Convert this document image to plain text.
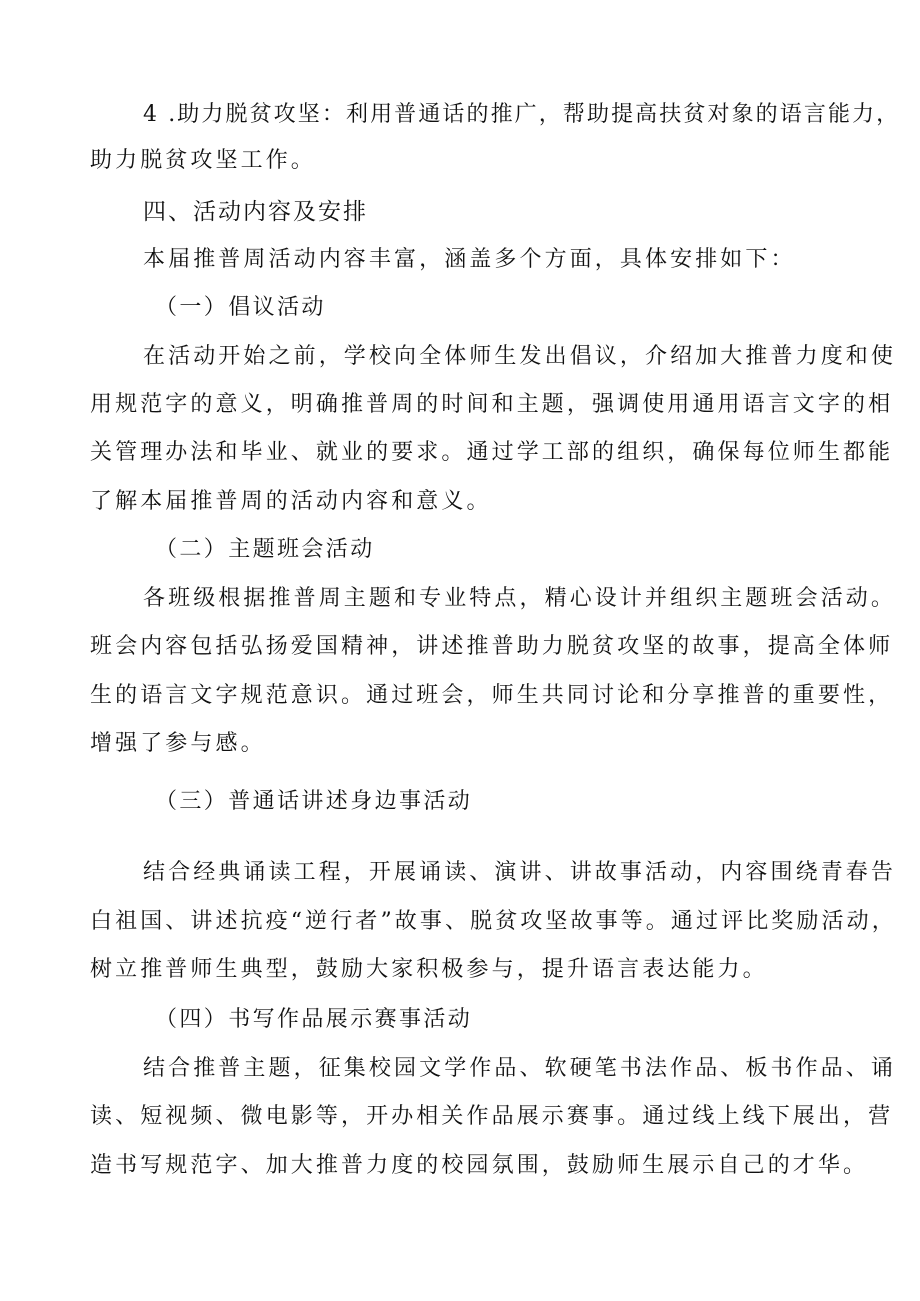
4 .助力脱贫攻坚：利用普通话的推广，帮助提高扶贫对象的语言能力，
助力脱贫攻坚工作。
四、活动内容及安排
本届推普周活动内容丰富，涵盖多个方面，具体安排如下：
（一）倡议活动
在活动开始之前，学校向全体师生发出倡议，介绍加大推普力度和使
用规范字的意义，明确推普周的时间和主题，强调使用通用语言文字的相
关管理办法和毕业、就业的要求。通过学工部的组织，确保每位师生都能
了解本届推普周的活动内容和意义。
（二）主题班会活动
各班级根据推普周主题和专业特点，精心设计并组织主题班会活动。
班会内容包括弘扬爱国精神，讲述推普助力脱贫攻坚的故事，提高全体师
生的语言文字规范意识。通过班会，师生共同讨论和分享推普的重要性，
增强了参与感。
（三）普通话讲述身边事活动
结合经典诵读工程，开展诵读、演讲、讲故事活动，内容围绕青春告
白祖国、讲述抗疫“逆行者”故事、脱贫攻坚故事等。通过评比奖励活动，
树立推普师生典型，鼓励大家积极参与，提升语言表达能力。
（四）书写作品展示赛事活动
结合推普主题，征集校园文学作品、软硬笔书法作品、板书作品、诵
读、短视频、微电影等，开办相关作品展示赛事。通过线上线下展出，营
造书写规范字、加大推普力度的校园氛围，鼓励师生展示自己的才华。
